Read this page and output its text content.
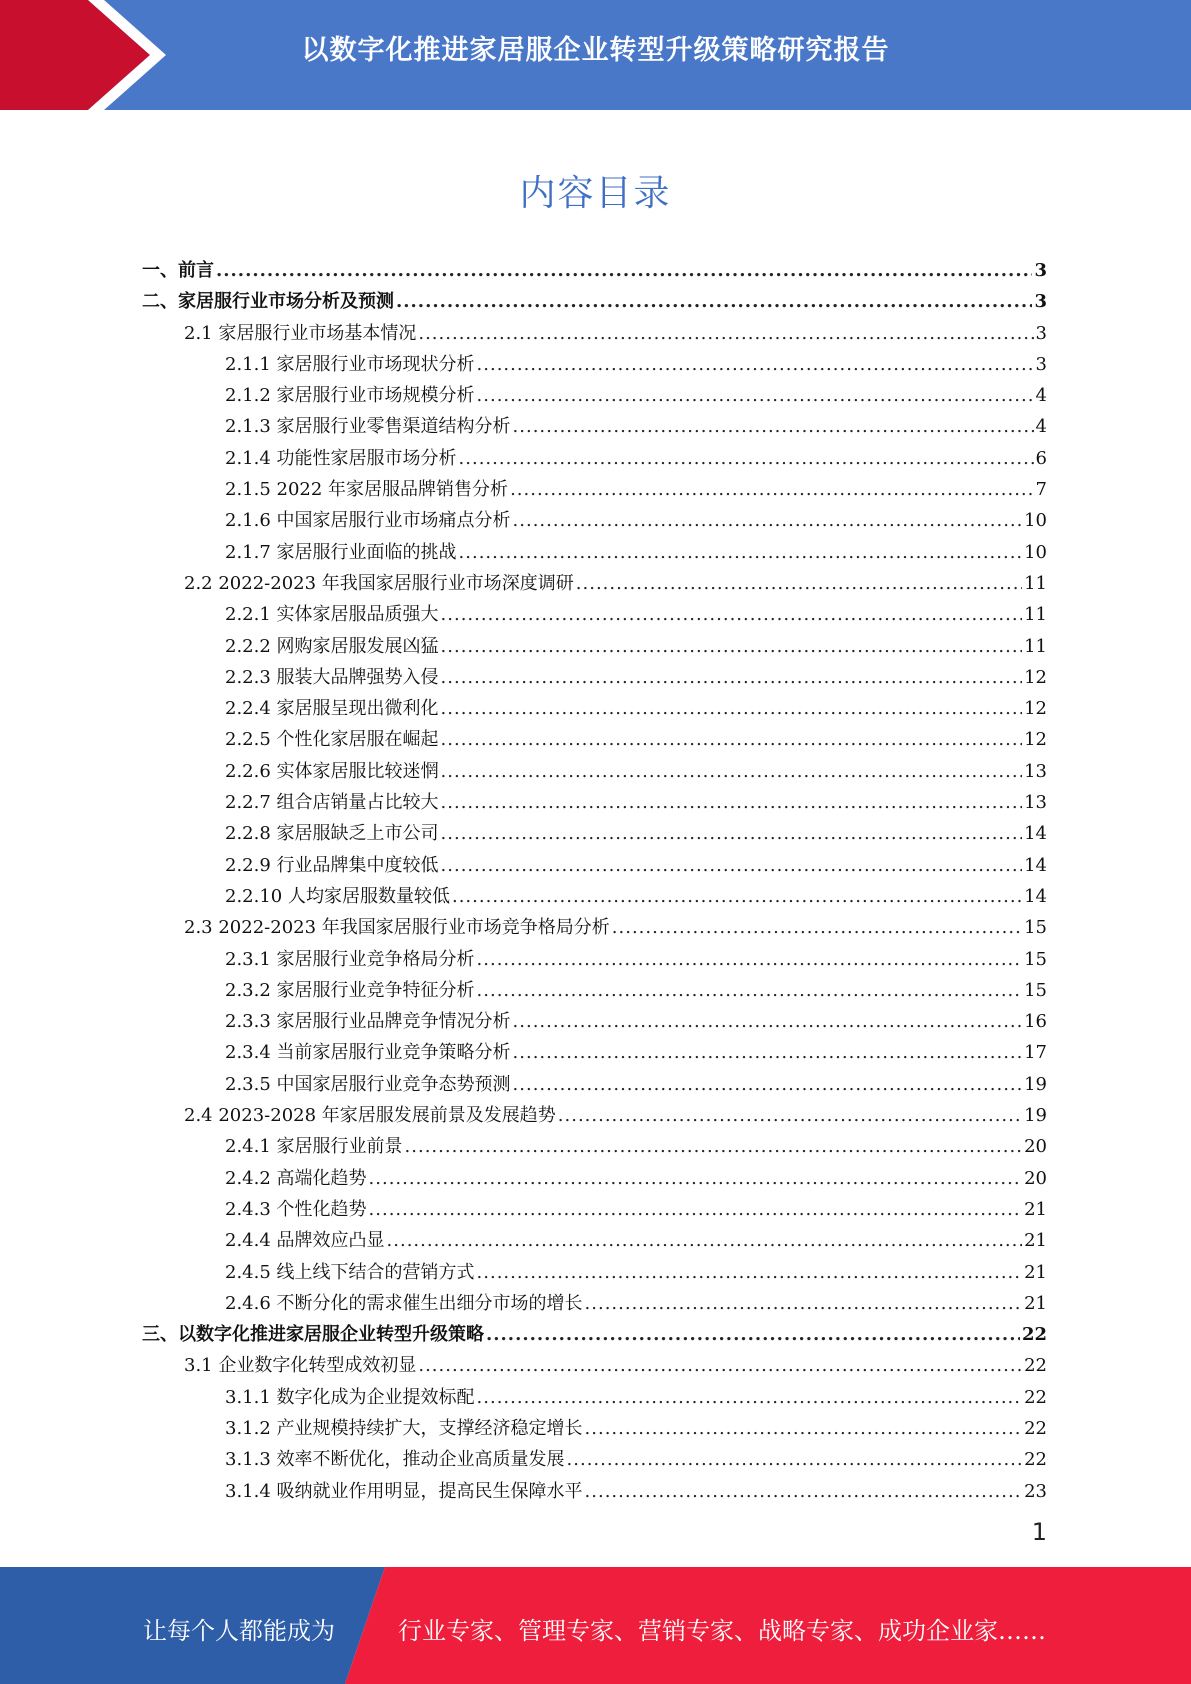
以数字化推进家居服企业转型升级策略研究报告
内容目录
一、前言 .....	3
二、家居服行业市场分析及预测 .....	3
2.1 家居服行业市场基本情况 .....	3
2.1.1 家居服行业市场现状分析 .....	3
2.1.2 家居服行业市场规模分析 .....	4
2.1.3 家居服行业零售渠道结构分析 .....	4
2.1.4 功能性家居服市场分析 .....	6
2.1.5 2022 年家居服品牌销售分析 .....	7
2.1.6 中国家居服行业市场痛点分析 .....	10
2.1.7 家居服行业面临的挑战 .....	10
2.2 2022-2023 年我国家居服行业市场深度调研 .....	11
2.2.1 实体家居服品质强大 .....	11
2.2.2 网购家居服发展凶猛 .....	11
2.2.3 服装大品牌强势入侵 .....	12
2.2.4 家居服呈现出微利化 .....	12
2.2.5 个性化家居服在崛起 .....	12
2.2.6 实体家居服比较迷惘 .....	13
2.2.7 组合店销量占比较大 .....	13
2.2.8 家居服缺乏上市公司 .....	14
2.2.9 行业品牌集中度较低 .....	14
2.2.10 人均家居服数量较低 .....	14
2.3 2022-2023 年我国家居服行业市场竞争格局分析 .....	15
2.3.1 家居服行业竞争格局分析 .....	15
2.3.2 家居服行业竞争特征分析 .....	15
2.3.3 家居服行业品牌竞争情况分析 .....	16
2.3.4 当前家居服行业竞争策略分析 .....	17
2.3.5 中国家居服行业竞争态势预测 .....	19
2.4 2023-2028 年家居服发展前景及发展趋势 .....	19
2.4.1 家居服行业前景 .....	20
2.4.2 高端化趋势 .....	20
2.4.3 个性化趋势 .....	21
2.4.4 品牌效应凸显 .....	21
2.4.5 线上线下结合的营销方式 .....	21
2.4.6 不断分化的需求催生出细分市场的增长 .....	21
三、以数字化推进家居服企业转型升级策略 .....	22
3.1 企业数字化转型成效初显 .....	22
3.1.1 数字化成为企业提效标配 .....	22
3.1.2 产业规模持续扩大，支撑经济稳定增长 .....	22
3.1.3 效率不断优化，推动企业高质量发展 .....	22
3.1.4 吸纳就业作用明显，提高民生保障水平 .....	23
1
让每个人都能成为	行业专家、管理专家、营销专家、战略专家、成功企业家……
